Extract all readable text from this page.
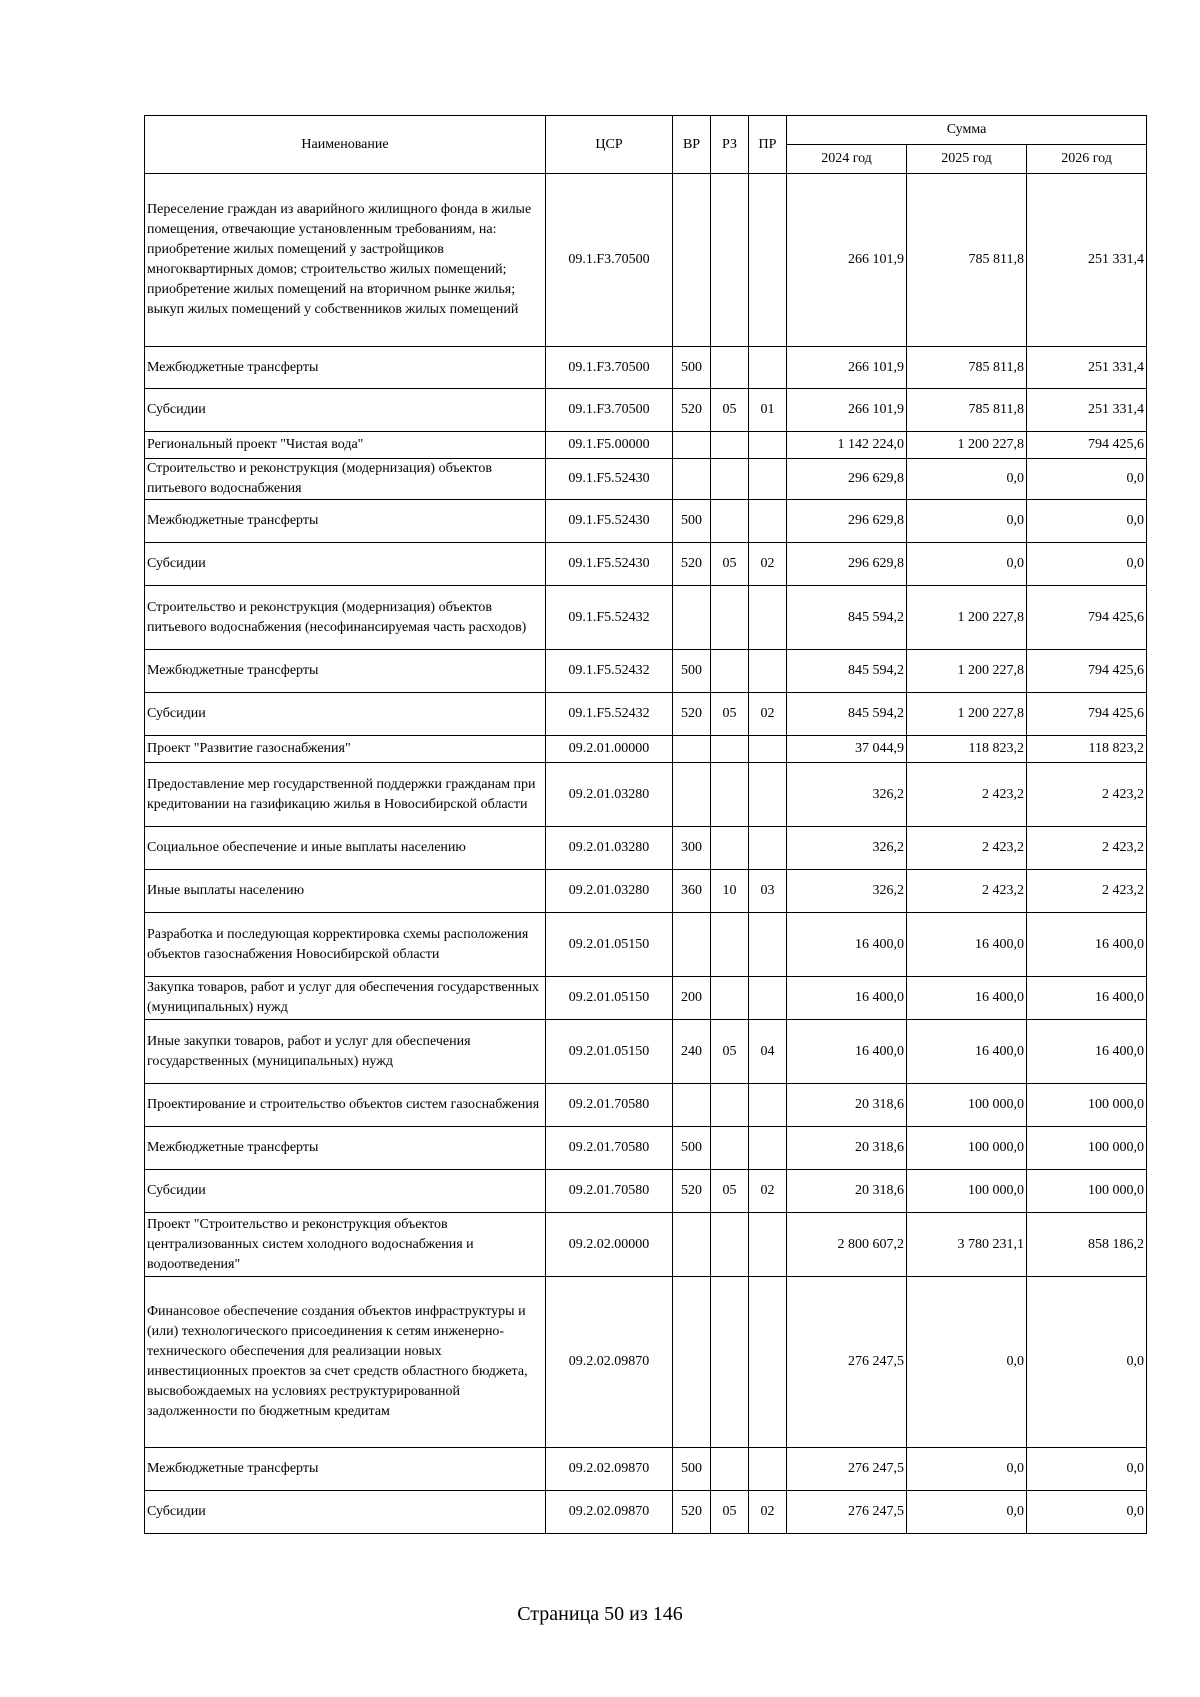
Наименование	ЦСР	ВР	РЗ	ПР	Сумма		
					2024 год	2025 год	2026 год
Переселение граждан из аварийного жилищного фонда в жилые помещения, отвечающие установленным требованиям, на: приобретение жилых помещений у застройщиков многоквартирных домов; строительство жилых помещений; приобретение жилых помещений на вторичном рынке жилья; выкуп жилых помещений у собственников жилых помещений	09.1.F3.70500				266 101,9	785 811,8	251 331,4
Межбюджетные трансферты	09.1.F3.70500	500			266 101,9	785 811,8	251 331,4
Субсидии	09.1.F3.70500	520	05	01	266 101,9	785 811,8	251 331,4
Региональный проект "Чистая вода"	09.1.F5.00000				1 142 224,0	1 200 227,8	794 425,6
Строительство и реконструкция (модернизация) объектов питьевого водоснабжения	09.1.F5.52430				296 629,8	0,0	0,0
Межбюджетные трансферты	09.1.F5.52430	500			296 629,8	0,0	0,0
Субсидии	09.1.F5.52430	520	05	02	296 629,8	0,0	0,0
Строительство и реконструкция (модернизация) объектов питьевого водоснабжения (несофинансируемая часть расходов)	09.1.F5.52432				845 594,2	1 200 227,8	794 425,6
Межбюджетные трансферты	09.1.F5.52432	500			845 594,2	1 200 227,8	794 425,6
Субсидии	09.1.F5.52432	520	05	02	845 594,2	1 200 227,8	794 425,6
Проект "Развитие газоснабжения"	09.2.01.00000				37 044,9	118 823,2	118 823,2
Предоставление мер государственной поддержки гражданам при кредитовании на газификацию жилья в Новосибирской области	09.2.01.03280				326,2	2 423,2	2 423,2
Социальное обеспечение и иные выплаты населению	09.2.01.03280	300			326,2	2 423,2	2 423,2
Иные выплаты населению	09.2.01.03280	360	10	03	326,2	2 423,2	2 423,2
Разработка и последующая корректировка схемы расположения объектов газоснабжения Новосибирской области	09.2.01.05150				16 400,0	16 400,0	16 400,0
Закупка товаров, работ и услуг для обеспечения государственных (муниципальных) нужд	09.2.01.05150	200			16 400,0	16 400,0	16 400,0
Иные закупки товаров, работ и услуг для обеспечения государственных (муниципальных) нужд	09.2.01.05150	240	05	04	16 400,0	16 400,0	16 400,0
Проектирование и строительство объектов систем газоснабжения	09.2.01.70580				20 318,6	100 000,0	100 000,0
Межбюджетные трансферты	09.2.01.70580	500			20 318,6	100 000,0	100 000,0
Субсидии	09.2.01.70580	520	05	02	20 318,6	100 000,0	100 000,0
Проект "Строительство и реконструкция объектов централизованных систем холодного водоснабжения и водоотведения"	09.2.02.00000				2 800 607,2	3 780 231,1	858 186,2
Финансовое обеспечение создания объектов инфраструктуры и (или) технологического присоединения к сетям инженерно-технического обеспечения для реализации новых инвестиционных проектов за счет средств областного бюджета, высвобождаемых на условиях реструктурированной задолженности по бюджетным кредитам	09.2.02.09870				276 247,5	0,0	0,0
Межбюджетные трансферты	09.2.02.09870	500			276 247,5	0,0	0,0
Субсидии	09.2.02.09870	520	05	02	276 247,5	0,0	0,0
Страница 50 из 146
